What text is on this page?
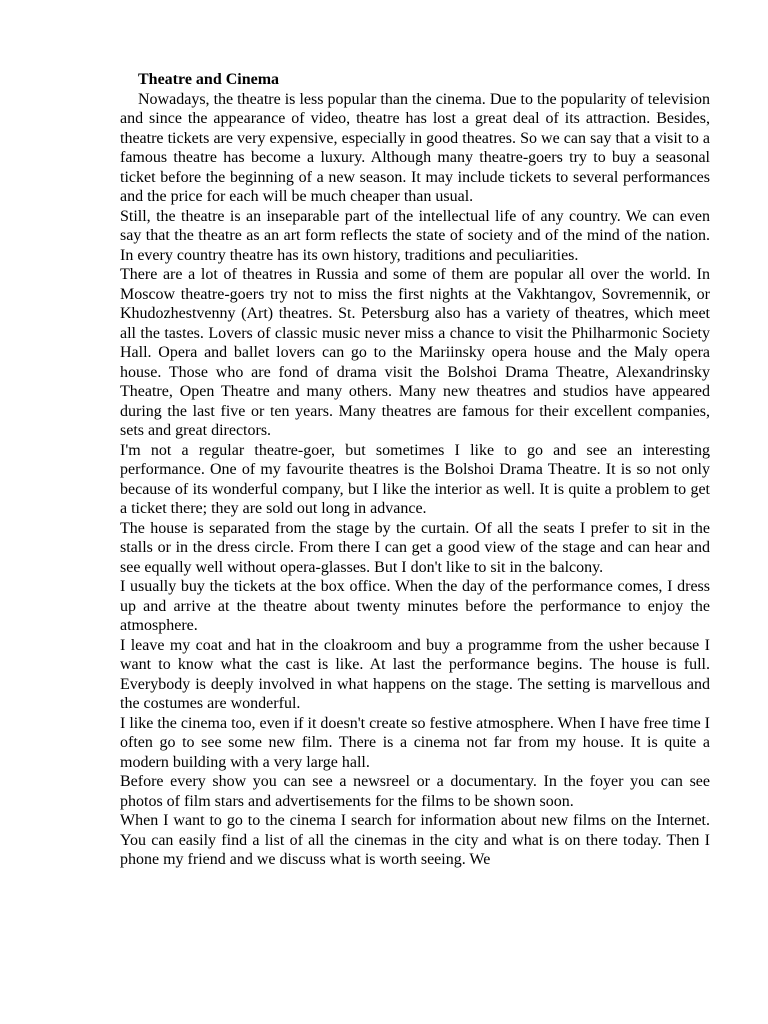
Theatre and Cinema

Nowadays, the theatre is less popular than the cinema. Due to the popularity of television and since the appearance of video, theatre has lost a great deal of its attraction. Besides, theatre tickets are very expensive, especially in good theatres. So we can say that a visit to a famous theatre has become a luxury. Although many theatre-goers try to buy a seasonal ticket before the beginning of a new season. It may include tickets to several performances and the price for each will be much cheaper than usual.

Still, the theatre is an inseparable part of the intellectual life of any country. We can even say that the theatre as an art form reflects the state of society and of the mind of the nation. In every country theatre has its own history, traditions and peculiarities.

There are a lot of theatres in Russia and some of them are popular all over the world. In Moscow theatre-goers try not to miss the first nights at the Vakhtangov, Sovremennik, or Khudozhestvenny (Art) theatres. St. Petersburg also has a variety of theatres, which meet all the tastes. Lovers of classic music never miss a chance to visit the Philharmonic Society Hall. Opera and ballet lovers can go to the Mariinsky opera house and the Maly opera house. Those who are fond of drama visit the Bolshoi Drama Theatre, Alexandrinsky Theatre, Open Theatre and many others. Many new theatres and studios have appeared during the last five or ten years. Many theatres are famous for their excellent companies, sets and great directors.

I'm not a regular theatre-goer, but sometimes I like to go and see an interesting performance. One of my favourite theatres is the Bolshoi Drama Theatre. It is so not only because of its wonderful company, but I like the interior as well. It is quite a problem to get a ticket there; they are sold out long in advance.

The house is separated from the stage by the curtain. Of all the seats I prefer to sit in the stalls or in the dress circle. From there I can get a good view of the stage and can hear and see equally well without opera-glasses. But I don't like to sit in the balcony.

I usually buy the tickets at the box office. When the day of the performance comes, I dress up and arrive at the theatre about twenty minutes before the performance to enjoy the atmosphere.

I leave my coat and hat in the cloakroom and buy a programme from the usher because I want to know what the cast is like. At last the performance begins. The house is full. Everybody is deeply involved in what happens on the stage. The setting is marvellous and the costumes are wonderful.

I like the cinema too, even if it doesn't create so festive atmosphere. When I have free time I often go to see some new film. There is a cinema not far from my house. It is quite a modern building with a very large hall.

Before every show you can see a newsreel or a documentary. In the foyer you can see photos of film stars and advertisements for the films to be shown soon.

When I want to go to the cinema I search for information about new films on the Internet. You can easily find a list of all the cinemas in the city and what is on there today. Then I phone my friend and we discuss what is worth seeing. We
